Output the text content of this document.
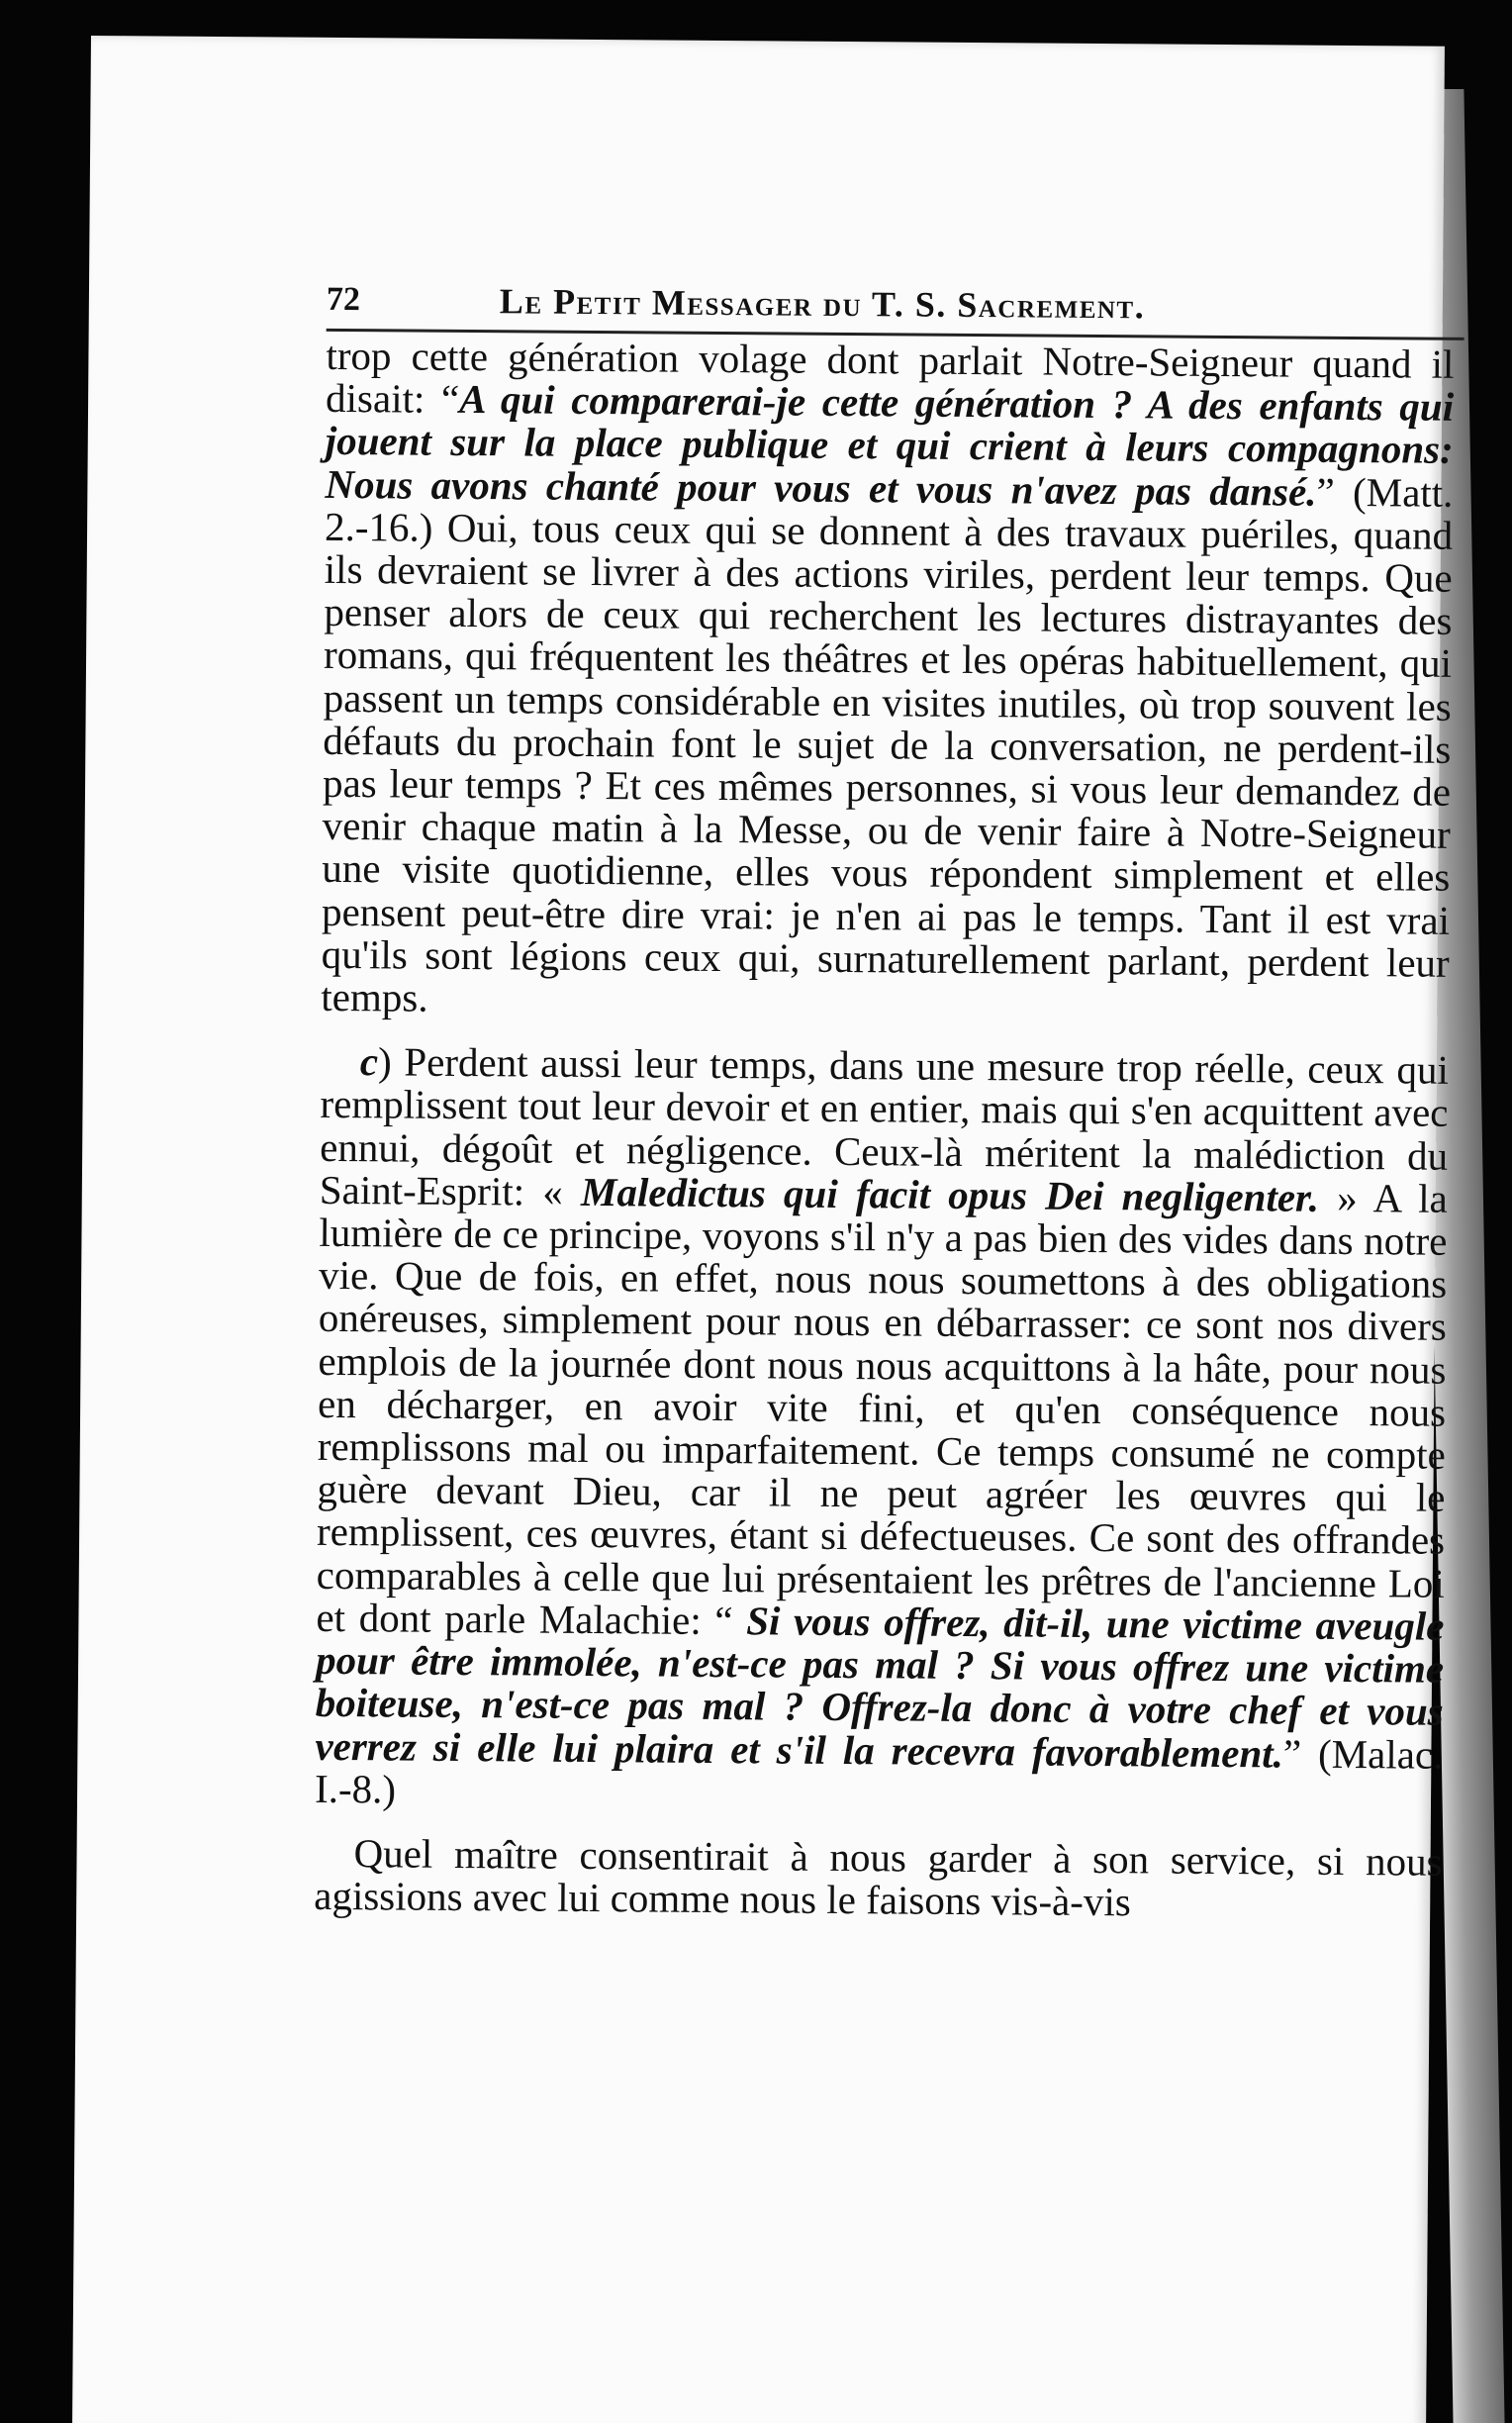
72	Le Petit Messager du T. S. Sacrement.

trop cette génération volage dont parlait Notre-Seigneur quand il disait: “A qui comparerai-je cette génération ? A des enfants qui jouent sur la place publique et qui crient à leurs compagnons: Nous avons chanté pour vous et vous n'avez pas dansé.” (Matt. 2.-16.) Oui, tous ceux qui se donnent à des travaux puériles, quand ils devraient se livrer à des actions viriles, perdent leur temps. Que penser alors de ceux qui recherchent les lectures distrayantes des romans, qui fréquentent les théâtres et les opéras habituellement, qui passent un temps considérable en visites inutiles, où trop souvent les défauts du prochain font le sujet de la conversation, ne perdent-ils pas leur temps ? Et ces mêmes personnes, si vous leur demandez de venir chaque matin à la Messe, ou de venir faire à Notre-Seigneur une visite quotidienne, elles vous répondent simplement et elles pensent peut-être dire vrai: je n'en ai pas le temps. Tant il est vrai qu'ils sont légions ceux qui, surnaturellement parlant, perdent leur temps.

c) Perdent aussi leur temps, dans une mesure trop réelle, ceux qui remplissent tout leur devoir et en entier, mais qui s'en acquittent avec ennui, dégoût et négligence. Ceux-là méritent la malédiction du Saint-Esprit: « Maledictus qui facit opus Dei negligenter. » A la lumière de ce principe, voyons s'il n'y a pas bien des vides dans notre vie. Que de fois, en effet, nous nous soumettons à des obligations onéreuses, simplement pour nous en débarrasser: ce sont nos divers emplois de la journée dont nous nous acquittons à la hâte, pour nous en décharger, en avoir vite fini, et qu'en conséquence nous remplissons mal ou imparfaitement. Ce temps consumé ne compte guère devant Dieu, car il ne peut agréer les œuvres qui le remplissent, ces œuvres, étant si défectueuses. Ce sont des offrandes comparables à celle que lui présentaient les prêtres de l'ancienne Loi et dont parle Malachie: “ Si vous offrez, dit-il, une victime aveugle pour être immolée, n'est-ce pas mal ? Si vous offrez une victime boiteuse, n'est-ce pas mal ? Offrez-la donc à votre chef et vous verrez si elle lui plaira et s'il la recevra favorablement.” (Malac. I.-8.)

Quel maître consentirait à nous garder à son service, si nous agissions avec lui comme nous le faisons vis-à-vis
